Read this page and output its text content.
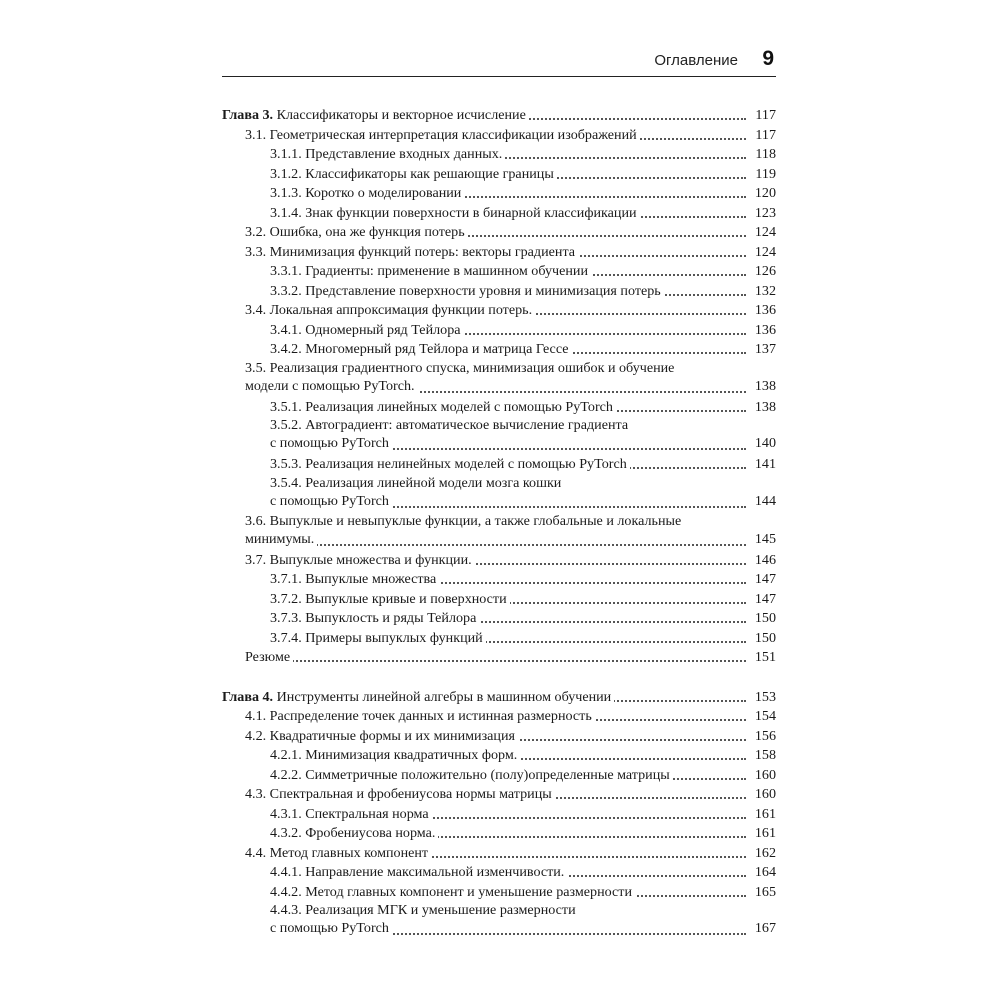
Оглавление 9
Глава 3. Классификаторы и векторное исчисление	117
3.1. Геометрическая интерпретация классификации изображений	117
3.1.1. Представление входных данных.	118
3.1.2. Классификаторы как решающие границы	119
3.1.3. Коротко о моделировании	120
3.1.4. Знак функции поверхности в бинарной классификации	123
3.2. Ошибка, она же функция потерь	124
3.3. Минимизация функций потерь: векторы градиента	124
3.3.1. Градиенты: применение в машинном обучении	126
3.3.2. Представление поверхности уровня и минимизация потерь	132
3.4. Локальная аппроксимация функции потерь.	136
3.4.1. Одномерный ряд Тейлора	136
3.4.2. Многомерный ряд Тейлора и матрица Гессе	137
3.5. Реализация градиентного спуска, минимизация ошибок и обучение
модели с помощью PyTorch.	138
3.5.1. Реализация линейных моделей с помощью PyTorch	138
3.5.2. Автоградиент: автоматическое вычисление градиента
с помощью PyTorch	140
3.5.3. Реализация нелинейных моделей с помощью PyTorch	141
3.5.4. Реализация линейной модели мозга кошки
с помощью PyTorch	144
3.6. Выпуклые и невыпуклые функции, а также глобальные и локальные
минимумы.	145
3.7. Выпуклые множества и функции.	146
3.7.1. Выпуклые множества	147
3.7.2. Выпуклые кривые и поверхности	147
3.7.3. Выпуклость и ряды Тейлора	150
3.7.4. Примеры выпуклых функций	150
Резюме	151
Глава 4. Инструменты линейной алгебры в машинном обучении	153
4.1. Распределение точек данных и истинная размерность	154
4.2. Квадратичные формы и их минимизация	156
4.2.1. Минимизация квадратичных форм.	158
4.2.2. Симметричные положительно (полу)определенные матрицы	160
4.3. Спектральная и фробениусова нормы матрицы	160
4.3.1. Спектральная норма	161
4.3.2. Фробениусова норма.	161
4.4. Метод главных компонент	162
4.4.1. Направление максимальной изменчивости.	164
4.4.2. Метод главных компонент и уменьшение размерности	165
4.4.3. Реализация МГК и уменьшение размерности
с помощью PyTorch	167
